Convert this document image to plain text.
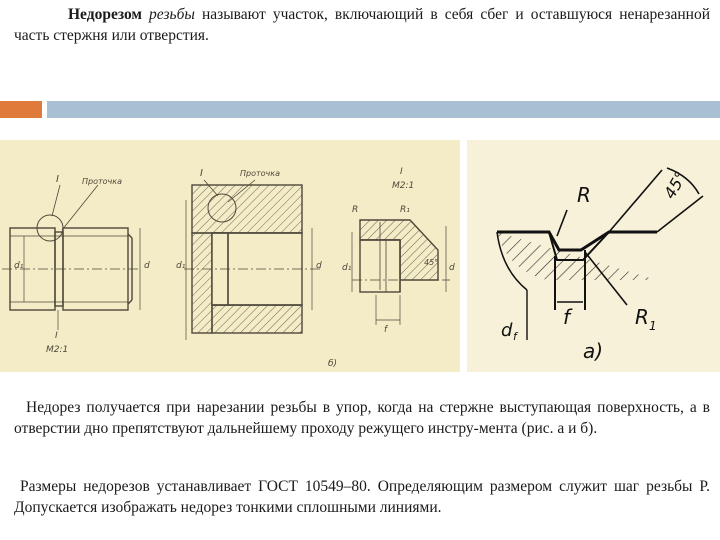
Недорезом резьбы называют участок, включающий в себя сбег и оставшуюся ненарезанной часть стержня или отверстия.
I	Проточка
d₁	d
I
M2:1
I	Проточка
d₁	d
б)
I
M2:1
R	R₁
d₁	d
f
45°
R	45°
d f
f	R 1
а)
Недорез получается при нарезании резьбы в упор, когда на стержне выступающая поверхность, а в отверстии дно препятствуют дальнейшему проходу режущего инстру-мента (рис. а и б).
Размеры недорезов устанавливает ГОСТ 10549–80. Определяющим размером служит шаг резьбы Р. Допускается изображать недорез тонкими сплошными линиями.
